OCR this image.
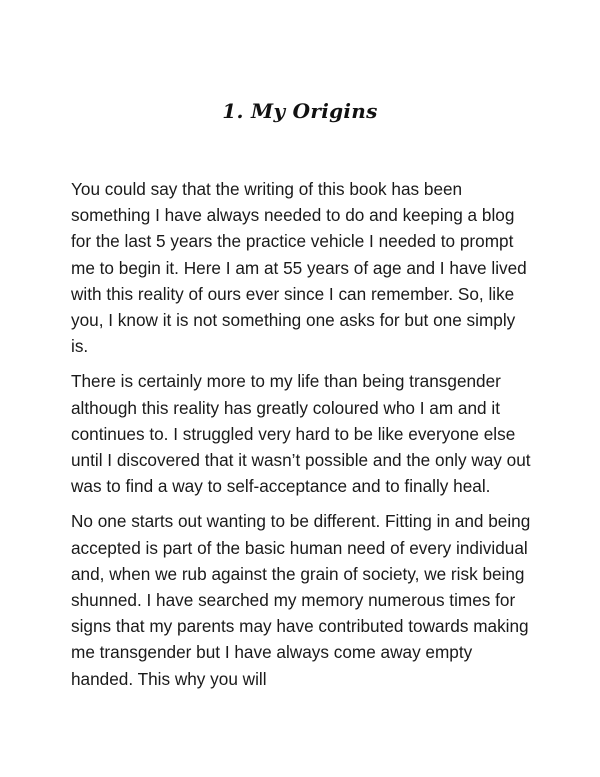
1. My Origins

You could say that the writing of this book has been something I have always needed to do and keeping a blog for the last 5 years the practice vehicle I needed to prompt me to begin it. Here I am at 55 years of age and I have lived with this reality of ours ever since I can remember. So, like you, I know it is not something one asks for but one simply is.

There is certainly more to my life than being transgender although this reality has greatly coloured who I am and it continues to. I struggled very hard to be like everyone else until I discovered that it wasn’t possible and the only way out was to find a way to self-acceptance and to finally heal.

No one starts out wanting to be different. Fitting in and being accepted is part of the basic human need of every individual and, when we rub against the grain of society, we risk being shunned. I have searched my memory numerous times for signs that my parents may have contributed towards making me transgender but I have always come away empty handed. This why you will
